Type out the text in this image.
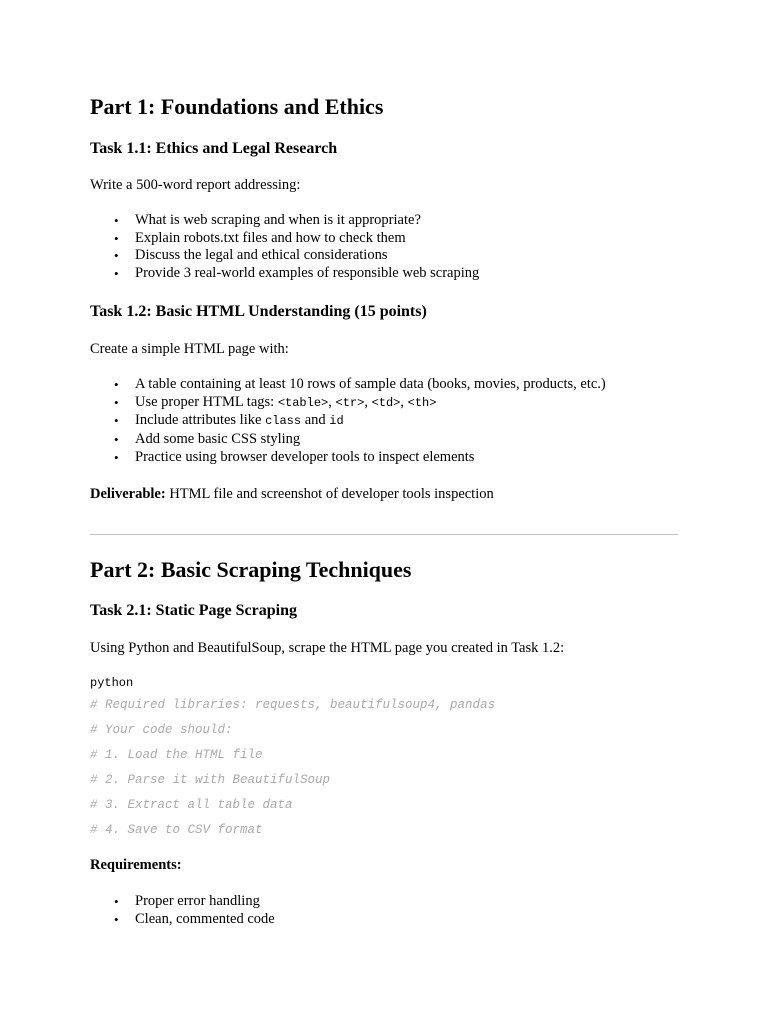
Part 1: Foundations and Ethics
Task 1.1: Ethics and Legal Research

Write a 500-word report addressing:

• What is web scraping and when is it appropriate?
• Explain robots.txt files and how to check them
• Discuss the legal and ethical considerations
• Provide 3 real-world examples of responsible web scraping
Task 1.2: Basic HTML Understanding (15 points)

Create a simple HTML page with:

• A table containing at least 10 rows of sample data (books, movies, products, etc.)
• Use proper HTML tags: <table>, <tr>, <td>, <th>
• Include attributes like class and id
• Add some basic CSS styling
• Practice using browser developer tools to inspect elements

Deliverable: HTML file and screenshot of developer tools inspection

Part 2: Basic Scraping Techniques
Task 2.1: Static Page Scraping

Using Python and BeautifulSoup, scrape the HTML page you created in Task 1.2:

python
# Required libraries: requests, beautifulsoup4, pandas
# Your code should:
# 1. Load the HTML file
# 2. Parse it with BeautifulSoup
# 3. Extract all table data
# 4. Save to CSV format

Requirements:

• Proper error handling
• Clean, commented code
